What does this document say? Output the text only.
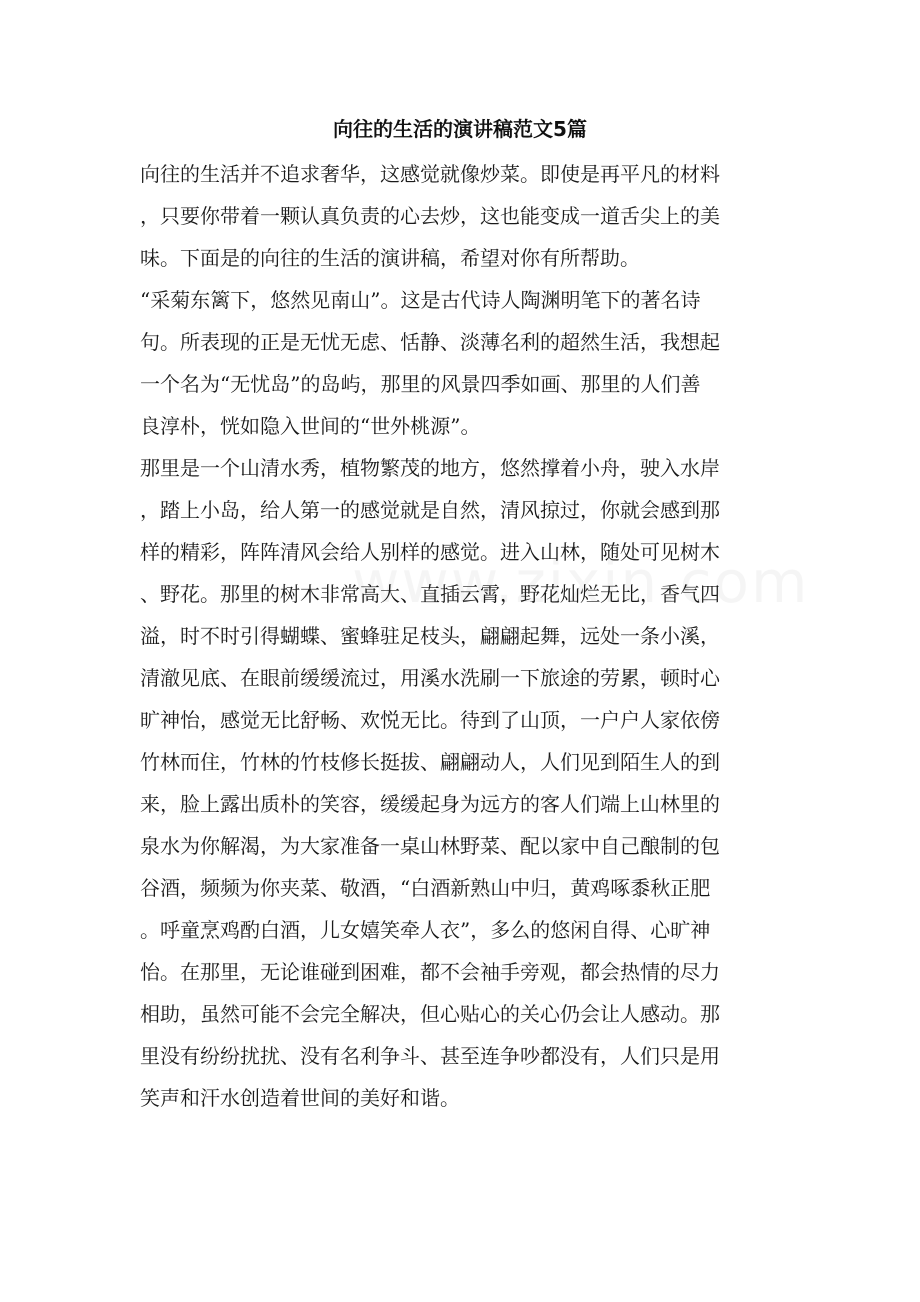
向往的生活的演讲稿范文5篇
向往的生活并不追求奢华，这感觉就像炒菜。即使是再平凡的材料
，只要你带着一颗认真负责的心去炒，这也能变成一道舌尖上的美
味。下面是的向往的生活的演讲稿，希望对你有所帮助。
“采菊东篱下，悠然见南山”。这是古代诗人陶渊明笔下的著名诗
句。所表现的正是无忧无虑、恬静、淡薄名利的超然生活，我想起
一个名为“无忧岛”的岛屿，那里的风景四季如画、那里的人们善
良淳朴，恍如隐入世间的“世外桃源”。
那里是一个山清水秀，植物繁茂的地方，悠然撑着小舟，驶入水岸
，踏上小岛，给人第一的感觉就是自然，清风掠过，你就会感到那
样的精彩，阵阵清风会给人别样的感觉。进入山林，随处可见树木
、野花。那里的树木非常高大、直插云霄，野花灿烂无比，香气四
溢，时不时引得蝴蝶、蜜蜂驻足枝头，翩翩起舞，远处一条小溪，
清澈见底、在眼前缓缓流过，用溪水洗刷一下旅途的劳累，顿时心
旷神怡，感觉无比舒畅、欢悦无比。待到了山顶，一户户人家依傍
竹林而住，竹林的竹枝修长挺拔、翩翩动人，人们见到陌生人的到
来，脸上露出质朴的笑容，缓缓起身为远方的客人们端上山林里的
泉水为你解渴，为大家准备一桌山林野菜、配以家中自己酿制的包
谷酒，频频为你夹菜、敬酒，“白酒新熟山中归，黄鸡啄黍秋正肥
。呼童烹鸡酌白酒，儿女嬉笑牵人衣”，多么的悠闲自得、心旷神
怡。在那里，无论谁碰到困难，都不会袖手旁观，都会热情的尽力
相助，虽然可能不会完全解决，但心贴心的关心仍会让人感动。那
里没有纷纷扰扰、没有名利争斗、甚至连争吵都没有，人们只是用
笑声和汗水创造着世间的美好和谐。
